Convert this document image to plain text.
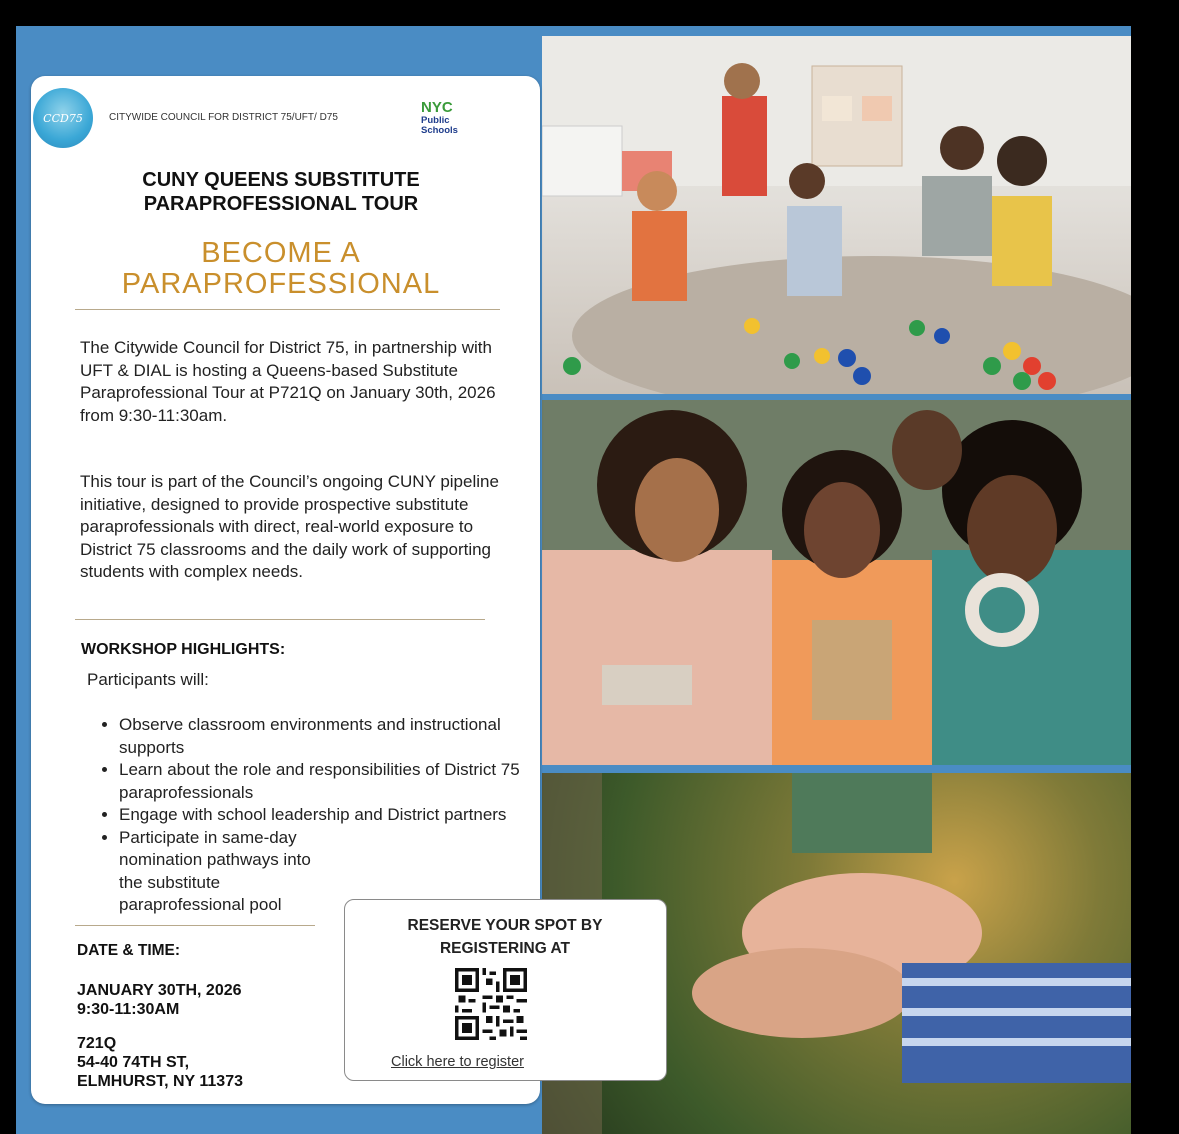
CCD75	CITYWIDE COUNCIL FOR DISTRICT 75/UFT/ D75
NYC
Public
Schools
CUNY QUEENS SUBSTITUTE
PARAPROFESSIONAL TOUR
BECOME A
PARAPROFESSIONAL
The Citywide Council for District 75, in partnership with UFT & DIAL is hosting a Queens-based Substitute Paraprofessional Tour at P721Q on January 30th, 2026 from 9:30-11:30am.
This tour is part of the Council’s ongoing CUNY pipeline initiative, designed to provide prospective substitute paraprofessionals with direct, real-world exposure to District 75 classrooms and the daily work of supporting students with complex needs.
WORKSHOP HIGHLIGHTS:
Participants will:
• Observe classroom environments and instructional supports
• Learn about the role and responsibilities of District 75 paraprofessionals
• Engage with school leadership and District partners
• Participate in same-day nomination pathways into the substitute paraprofessional pool
DATE & TIME:
JANUARY 30TH, 2026
9:30-11:30AM
721Q
54-40 74TH ST,
ELMHURST, NY 11373
RESERVE YOUR SPOT BY
REGISTERING AT
Click here to register
